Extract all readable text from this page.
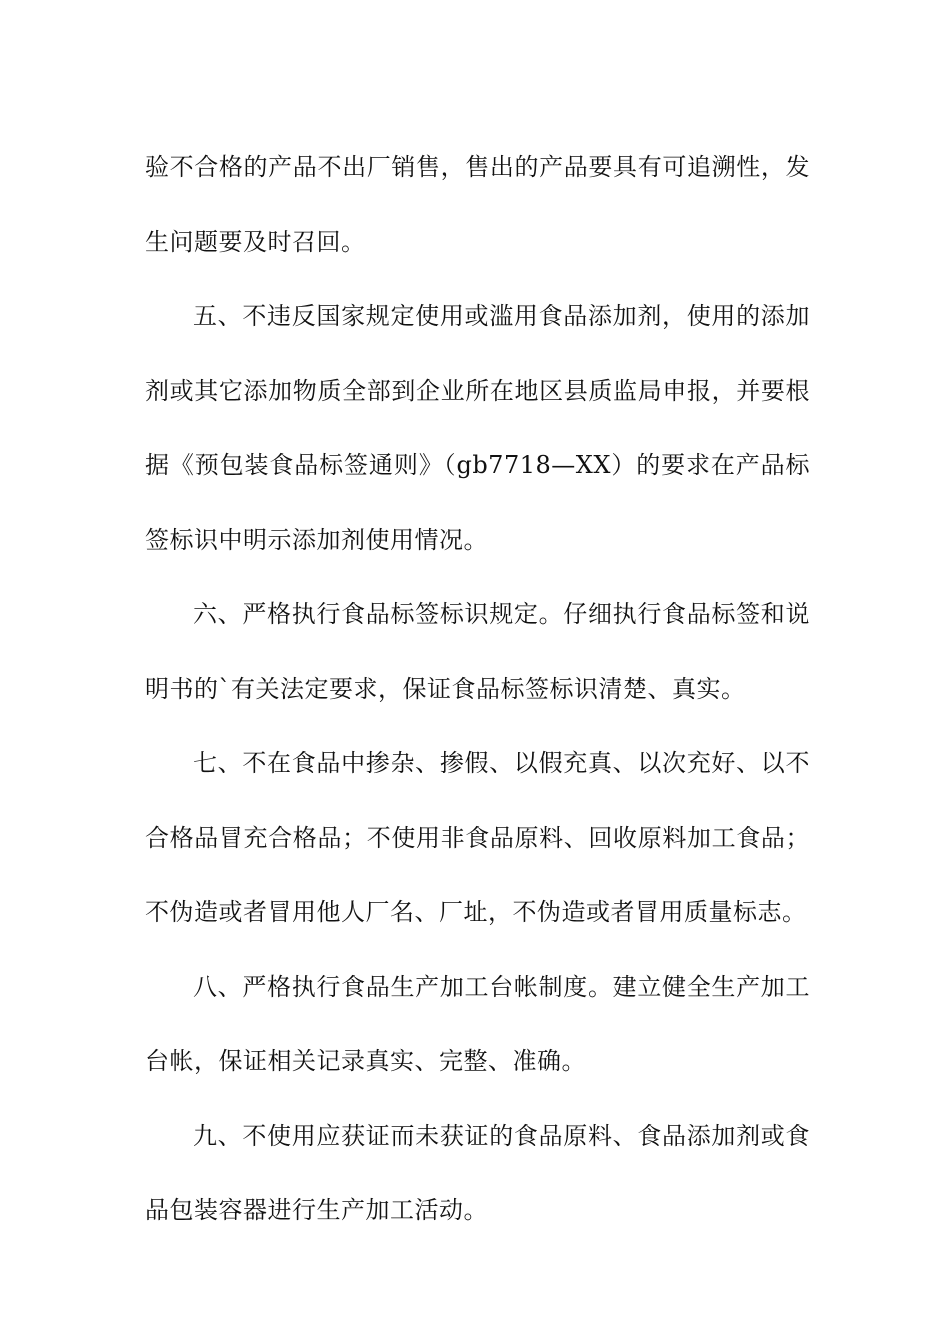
验不合格的产品不出厂销售，售出的产品要具有可追溯性，发生问题要及时召回。

五、不违反国家规定使用或滥用食品添加剂，使用的添加剂或其它添加物质全部到企业所在地区县质监局申报，并要根据《预包装食品标签通则》（gb7718—XX）的要求在产品标签标识中明示添加剂使用情况。

六、严格执行食品标签标识规定。仔细执行食品标签和说明书的`有关法定要求，保证食品标签标识清楚、真实。

七、不在食品中掺杂、掺假、以假充真、以次充好、以不合格品冒充合格品；不使用非食品原料、回收原料加工食品；不伪造或者冒用他人厂名、厂址，不伪造或者冒用质量标志。

八、严格执行食品生产加工台帐制度。建立健全生产加工台帐，保证相关记录真实、完整、准确。

九、不使用应获证而未获证的食品原料、食品添加剂或食品包装容器进行生产加工活动。
